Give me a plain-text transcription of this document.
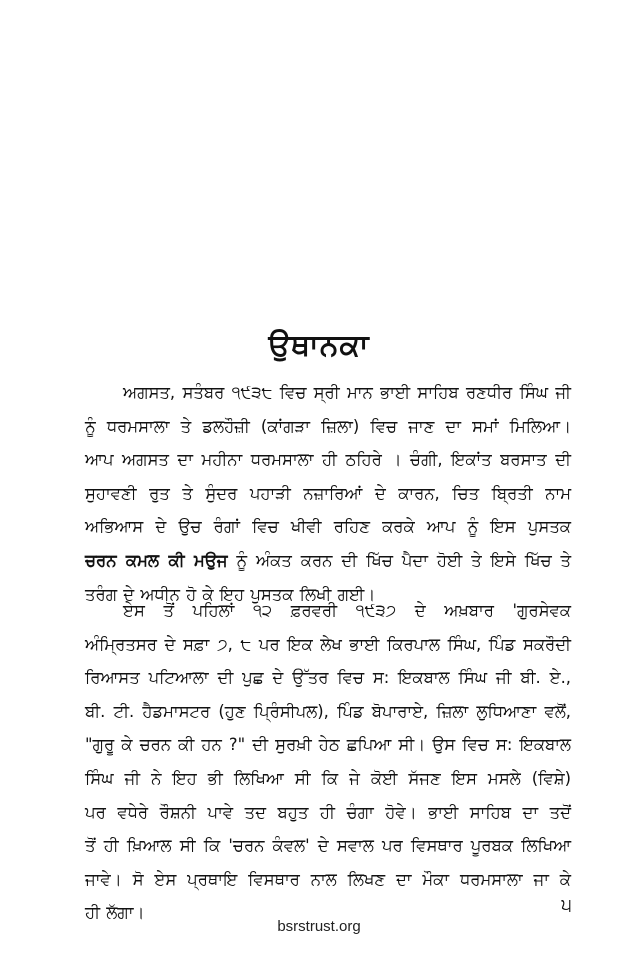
ਉਥਾਨਕਾ
ਅਗਸਤ, ਸਤੰਬਰ ੧੯੩੮ ਵਿਚ ਸ੍ਰੀ ਮਾਨ ਭਾਈ ਸਾਹਿਬ ਰਣਧੀਰ ਸਿੰਘ ਜੀ
ਨੂੰ ਧਰਮਸਾਲਾ ਤੇ ਡਲਹੌਜ਼ੀ (ਕਾਂਗੜਾ ਜ਼ਿਲਾ) ਵਿਚ ਜਾਣ ਦਾ ਸਮਾਂ ਮਿਲਿਆ।
ਆਪ ਅਗਸਤ ਦਾ ਮਹੀਨਾ ਧਰਮਸਾਲਾ ਹੀ ਠਹਿਰੇ । ਚੰਗੀ, ਇਕਾਂਤ ਬਰਸਾਤ ਦੀ
ਸੁਹਾਵਣੀ ਰੁਤ ਤੇ ਸੁੰਦਰ ਪਹਾੜੀ ਨਜ਼ਾਰਿਆਂ ਦੇ ਕਾਰਨ, ਚਿਤ ਬ੍ਰਿਤੀ ਨਾਮ
ਅਭਿਆਸ ਦੇ ਉਚ ਰੰਗਾਂ ਵਿਚ ਖੀਵੀ ਰਹਿਣ ਕਰਕੇ ਆਪ ਨੂੰ ਇਸ ਪੁਸਤਕ
ਚਰਨ ਕਮਲ ਕੀ ਮਉਜ ਨੂੰ ਅੰਕਤ ਕਰਨ ਦੀ ਖਿੱਚ ਪੈਦਾ ਹੋਈ ਤੇ ਇਸੇ ਖਿੱਚ ਤੇ
ਤਰੰਗ ਦੇ ਅਧੀਨ ਹੋ ਕੇ ਇਹ ਪੁਸਤਕ ਲਿਖੀ ਗਈ।
ਏਸ ਤੋਂ ਪਹਿਲਾਂ ੧੨ ਫ਼ਰਵਰੀ ੧੯੩੭ ਦੇ ਅਖ਼ਬਾਰ 'ਗੁਰਸੇਵਕ
ਅੰਮ੍ਰਿਤਸਰ ਦੇ ਸਫ਼ਾ ੭, ੮ ਪਰ ਇਕ ਲੇਖ ਭਾਈ ਕਿਰਪਾਲ ਸਿੰਘ, ਪਿੰਡ ਸਕਰੌਦੀ
ਰਿਆਸਤ ਪਟਿਆਲਾ ਦੀ ਪੁਛ ਦੇ ਉੱਤਰ ਵਿਚ ਸ: ਇਕਬਾਲ ਸਿੰਘ ਜੀ ਬੀ. ਏ.,
ਬੀ. ਟੀ. ਹੈਡਮਾਸਟਰ (ਹੁਣ ਪ੍ਰਿੰਸੀਪਲ), ਪਿੰਡ ਬੋਪਾਰਾਏ, ਜ਼ਿਲਾ ਲੁਧਿਆਣਾ ਵਲੋਂ,
"ਗੁਰੂ ਕੇ ਚਰਨ ਕੀ ਹਨ ?" ਦੀ ਸੁਰਖ਼ੀ ਹੇਠ ਛਪਿਆ ਸੀ। ਉਸ ਵਿਚ ਸ: ਇਕਬਾਲ
ਸਿੰਘ ਜੀ ਨੇ ਇਹ ਭੀ ਲਿਖਿਆ ਸੀ ਕਿ ਜੇ ਕੋਈ ਸੱਜਣ ਇਸ ਮਸਲੇ (ਵਿਸ਼ੇ)
ਪਰ ਵਧੇਰੇ ਰੌਸ਼ਨੀ ਪਾਵੇ ਤਦ ਬਹੁਤ ਹੀ ਚੰਗਾ ਹੋਵੇ। ਭਾਈ ਸਾਹਿਬ ਦਾ ਤਦੋਂ
ਤੋਂ ਹੀ ਖ਼ਿਆਲ ਸੀ ਕਿ 'ਚਰਨ ਕੰਵਲ' ਦੇ ਸਵਾਲ ਪਰ ਵਿਸਥਾਰ ਪੂਰਬਕ ਲਿਖਿਆ
ਜਾਵੇ। ਸੋ ਏਸ ਪ੍ਰਥਾਇ ਵਿਸਥਾਰ ਨਾਲ ਲਿਖਣ ਦਾ ਮੌਕਾ ਧਰਮਸਾਲਾ ਜਾ ਕੇ
ਹੀ ਲੱਗਾ।	੫
bsrstrust.org
